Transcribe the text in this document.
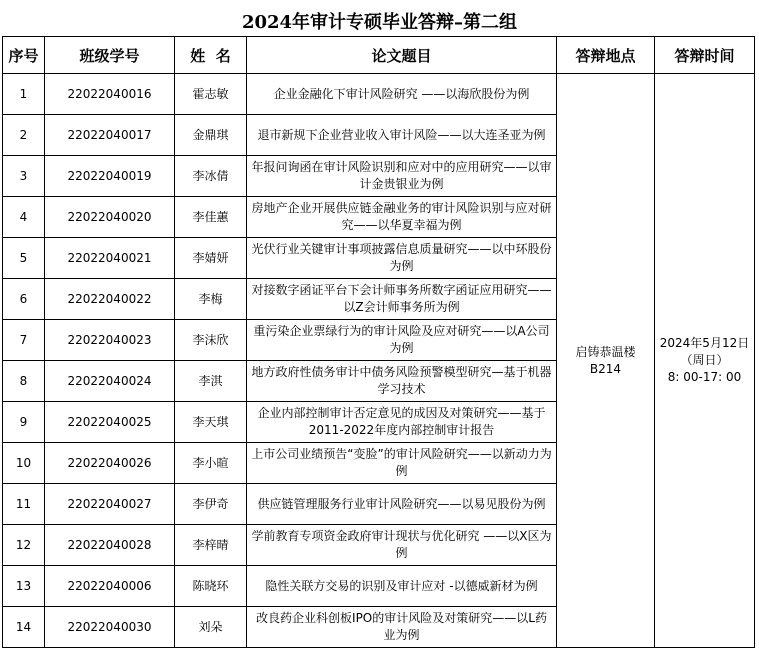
2024年审计专硕毕业答辩–第二组
序号	班级学号	姓  名	论文题目	答辩地点	答辩时间
1	22022040016	霍志敏	企业金融化下审计风险研究 ——以海欣股份为例	启铸恭温楼B214	2024年5月12日
（周日）
8: 00-17: 00

2	22022040017	金鼎琪	退市新规下企业营业收入审计风险——以大连圣亚为例		
3	22022040019	李冰倩	年报问询函在审计风险识别和应对中的应用研究——以审计金贵银业为例		
4	22022040020	李佳蕙	房地产企业开展供应链金融业务的审计风险识别与应对研究——以华夏幸福为例		
5	22022040021	李婧妍	光伏行业关键审计事项披露信息质量研究——以中环股份为例		
6	22022040022	李梅	对接数字函证平台下会计师事务所数字函证应用研究——以Z会计师事务所为例		
7	22022040023	李沫欣	重污染企业票绿行为的审计风险及应对研究——以A公司为例		
8	22022040024	李淇	地方政府性债务审计中债务风险预警模型研究—基于机器学习技术		
9	22022040025	李天琪	企业内部控制审计否定意见的成因及对策研究——基于2011-2022年度内部控制审计报告		
10	22022040026	李小暄	上市公司业绩预告“变脸”的审计风险研究——以新动力为例		
11	22022040027	李伊奇	供应链管理服务行业审计风险研究——以易见股份为例		
12	22022040028	李梓晴	学前教育专项资金政府审计现状与优化研究 ——以X区为例		
13	22022040006	陈晓环	隐性关联方交易的识别及审计应对 -以德威新材为例		
14	22022040030	刘朵	改良药企业科创板IPO的审计风险及对策研究——以L药业为例		
